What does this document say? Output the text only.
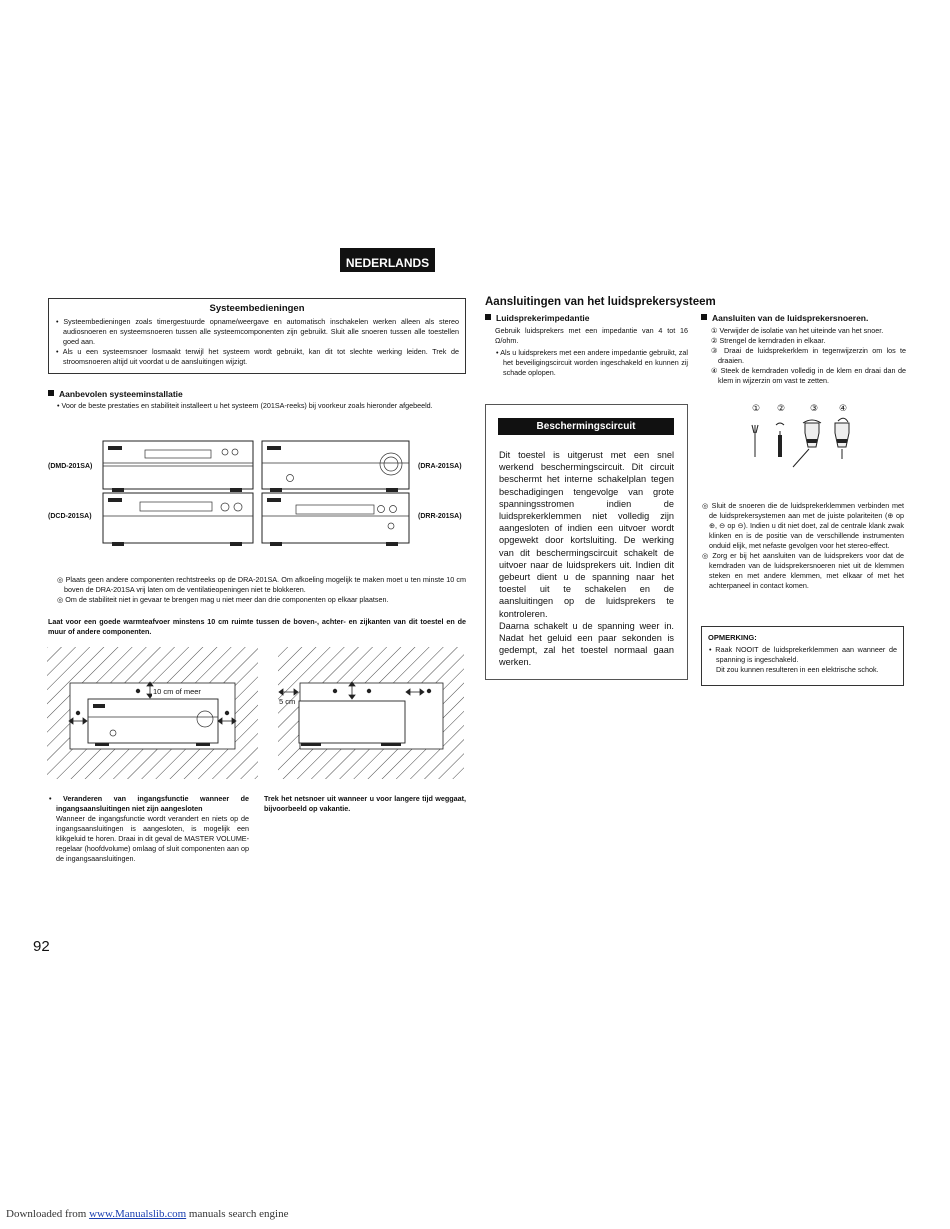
NEDERLANDS
Systeembedieningen

• Systeembedieningen zoals timergestuurde opname/weergave en automatisch inschakelen werken alleen als stereo audiosnoeren en systeemsnoeren tussen alle systeemcomponenten zijn gebruikt. Sluit alle snoeren tussen alle toestellen goed aan.

• Als u een systeemsnoer losmaakt terwijl het systeem wordt gebruikt, kan dit tot slechte werking leiden. Trek de stroomsnoeren altijd uit voordat u de aansluitingen wijzigt.

Aanbevolen systeeminstallatie
• Voor de beste prestaties en stabiliteit installeert u het systeem (201SA-reeks) bij voorkeur zoals hieronder afgebeeld.
(DMD-201SA)
(DCD-201SA)
(DRA-201SA)
(DRR-201SA)

◎ Plaats geen andere componenten rechtstreeks op de DRA-201SA. Om afkoeling mogelijk te maken moet u ten minste 10 cm boven de DRA-201SA vrij laten om de ventilatieopeningen niet te blokkeren.

◎ Om de stabiliteit niet in gevaar te brengen mag u niet meer dan drie componenten op elkaar plaatsen.

Laat voor een goede warmteafvoer minstens 10 cm ruimte tussen de boven-, achter- en zijkanten van dit toestel en de muur of andere componenten.
10 cm of meer
5 cm

• Veranderen van ingangsfunctie wanneer de ingangsaansluitingen niet zijn aangesloten

Wanneer de ingangsfunctie wordt verandert en niets op de ingangsaansluitingen is aangesloten, is mogelijk een klikgeluid te horen. Draai in dit geval de MASTER VOLUME-regelaar (hoofdvolume) omlaag of sluit componenten aan op de ingangsaansluitingen.

Trek het netsnoer uit wanneer u voor langere tijd weggaat, bijvoorbeeld op vakantie.
Aansluitingen van het luidsprekersysteem
Luidsprekerimpedantie
Gebruik luidsprekers met een impedantie van 4 tot 16 Ω/ohm.
• Als u luidsprekers met een andere impedantie gebruikt, zal het beveiligingscircuit worden ingeschakeld en kunnen zij schade oplopen.
Aansluiten van de luidsprekersnoeren.

① Verwijder de isolatie van het uiteinde van het snoer.

② Strengel de kerndraden in elkaar.

③ Draai de luidsprekerklem in tegenwijzerzin om los te draaien.

④ Steek de kerndraden volledig in de klem en draai dan de klem in wijzerzin om vast te zetten.

① ②	③ ④

◎ Sluit de snoeren die de luidsprekerklemmen verbinden met de luidsprekersystemen aan met de juiste polariteiten (⊕ op ⊕, ⊖ op ⊖). Indien u dit niet doet, zal de centrale klank zwak klinken en is de positie van de verschillende instrumenten onduid elijk, met nefaste gevolgen voor het stereo-effect.

◎ Zorg er bij het aansluiten van de luidsprekers voor dat de kerndraden van de luidsprekersnoeren niet uit de klemmen steken en met andere klemmen, met elkaar of met het achterpaneel in contact komen.

Beschermingscircuit

Dit toestel is uitgerust met een snel werkend beschermingscircuit. Dit circuit beschermt het interne schakelplan tegen beschadigingen tengevolge van grote spanningsstromen indien de luidsprekerklemmen niet volledig zijn aangesloten of indien een uitvoer wordt opgewekt door kortsluiting. De werking van dit beschermingscircuit schakelt de uitvoer naar de luidsprekers uit. Indien dit gebeurt dient u de spanning naar het toestel uit te schakelen en de aansluitingen op de luidsprekers te kontroleren.

Daarna schakelt u de spanning weer in. Nadat het geluid een paar sekonden is gedempt, zal het toestel normaal gaan werken.

OPMERKING:

• Raak NOOIT de luidsprekerklemmen aan wanneer de spanning is ingeschakeld.

Dit zou kunnen resulteren in een elektrische schok.

92
Downloaded from www.Manualslib.com manuals search engine
